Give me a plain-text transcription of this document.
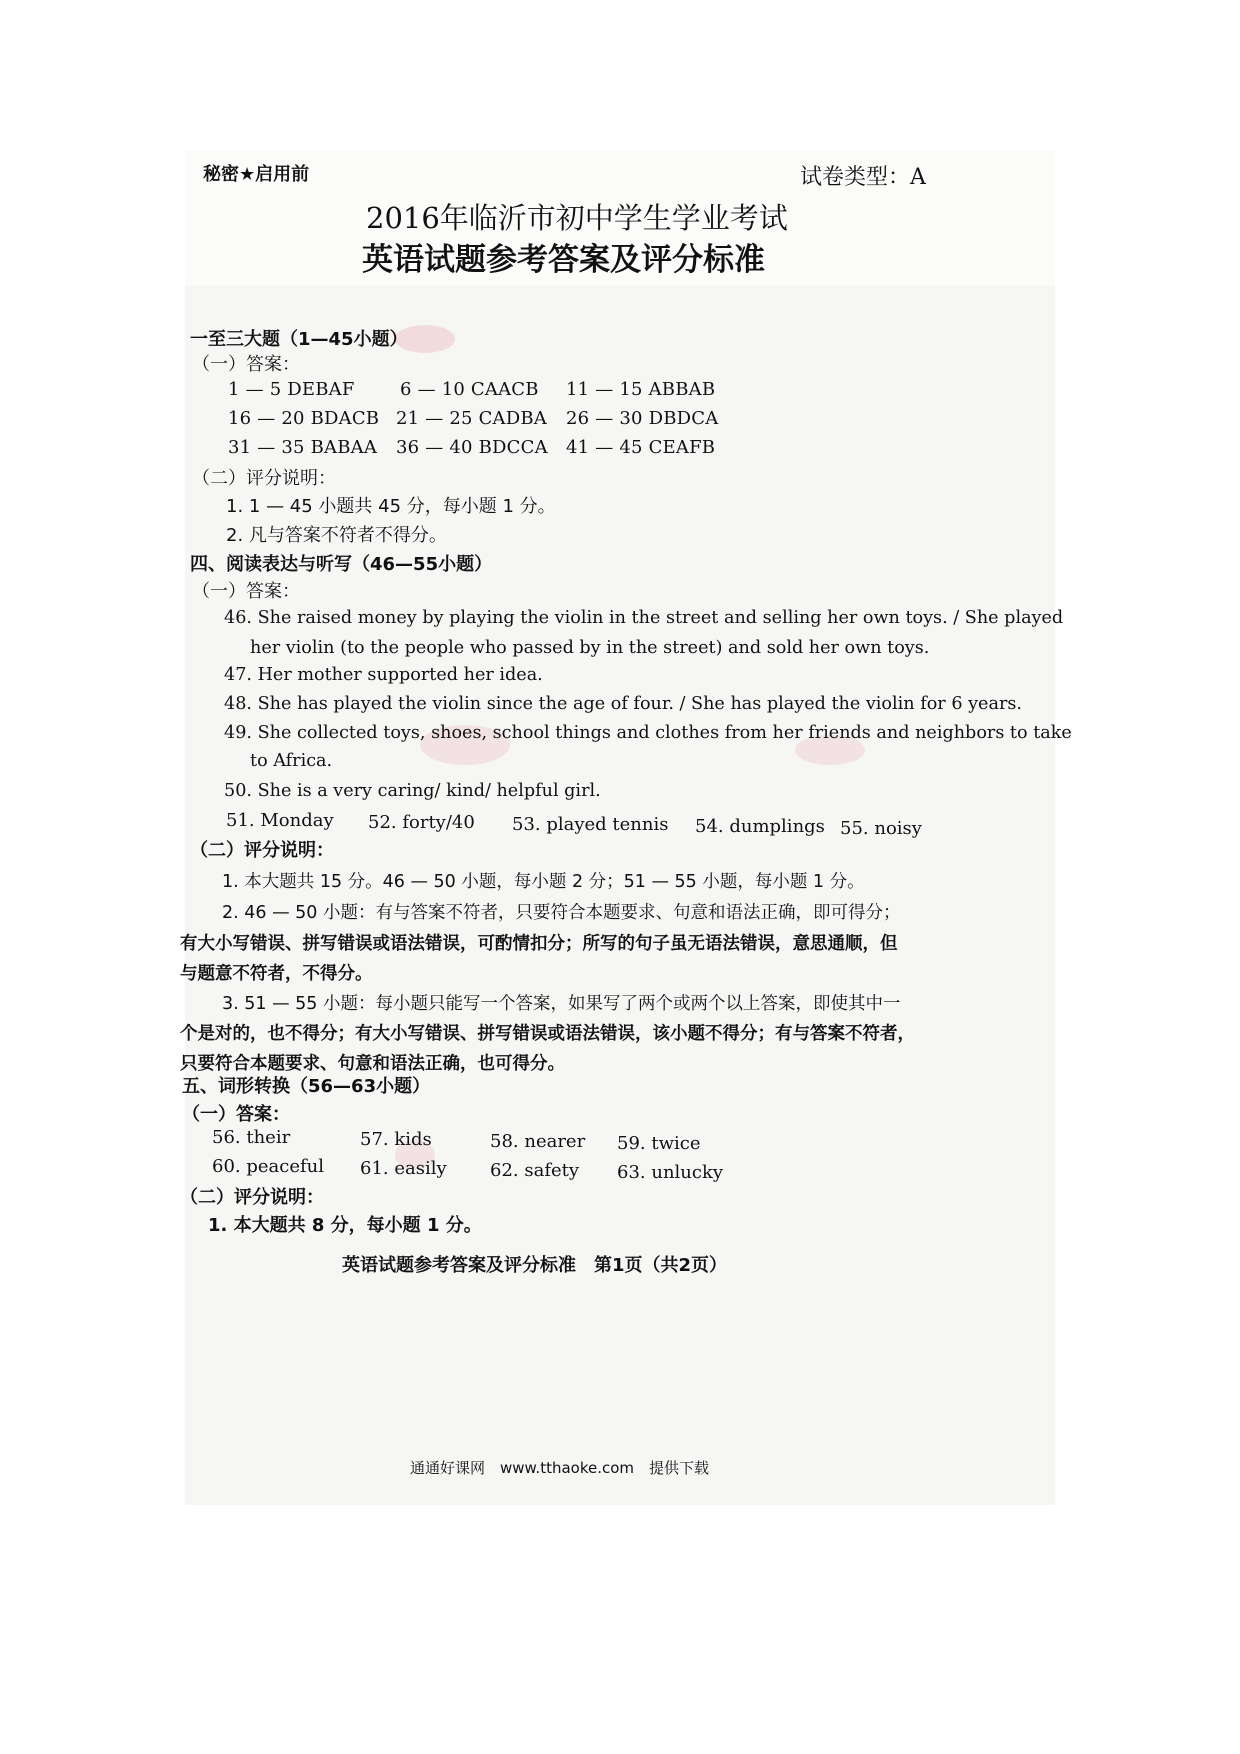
秘密★启用前	试卷类型：A
2016年临沂市初中学生学业考试
英语试题参考答案及评分标准
一至三大题（1—45小题）
（一）答案：
1 — 5 DEBAF	6 — 10 CAACB 11 — 15 ABBAB
16 — 20 BDACB 21 — 25 CADBA 26 — 30 DBDCA
31 — 35 BABAA 36 — 40 BDCCA 41 — 45 CEAFB
（二）评分说明：
1. 1 — 45 小题共 45 分，每小题 1 分。
2. 凡与答案不符者不得分。
四、阅读表达与听写（46—55小题）
（一）答案：
46. She raised money by playing the violin in the street and selling her own toys. / She played
her violin (to the people who passed by in the street) and sold her own toys.
47. Her mother supported her idea.
48. She has played the violin since the age of four. / She has played the violin for 6 years.
49. She collected toys, shoes, school things and clothes from her friends and neighbors to take
to Africa.
50. She is a very caring/ kind/ helpful girl.
51. Monday 52. forty/40 53. played tennis 54. dumplings 55. noisy
（二）评分说明：
1. 本大题共 15 分。46 — 50 小题，每小题 2 分；51 — 55 小题，每小题 1 分。
2. 46 — 50 小题：有与答案不符者，只要符合本题要求、句意和语法正确，即可得分；
有大小写错误、拼写错误或语法错误，可酌情扣分；所写的句子虽无语法错误，意思通顺，但
与题意不符者，不得分。
3. 51 — 55 小题：每小题只能写一个答案，如果写了两个或两个以上答案，即使其中一
个是对的，也不得分；有大小写错误、拼写错误或语法错误，该小题不得分；有与答案不符者，
只要符合本题要求、句意和语法正确，也可得分。
五、词形转换（56—63小题）
（一）答案：
56. their	57. kids	58. nearer 59. twice
60. peaceful 61. easily 62. safety 63. unlucky
（二）评分说明：
1. 本大题共 8 分，每小题 1 分。
英语试题参考答案及评分标准　第1页（共2页）
通通好课网　www.tthaoke.com　提供下载
